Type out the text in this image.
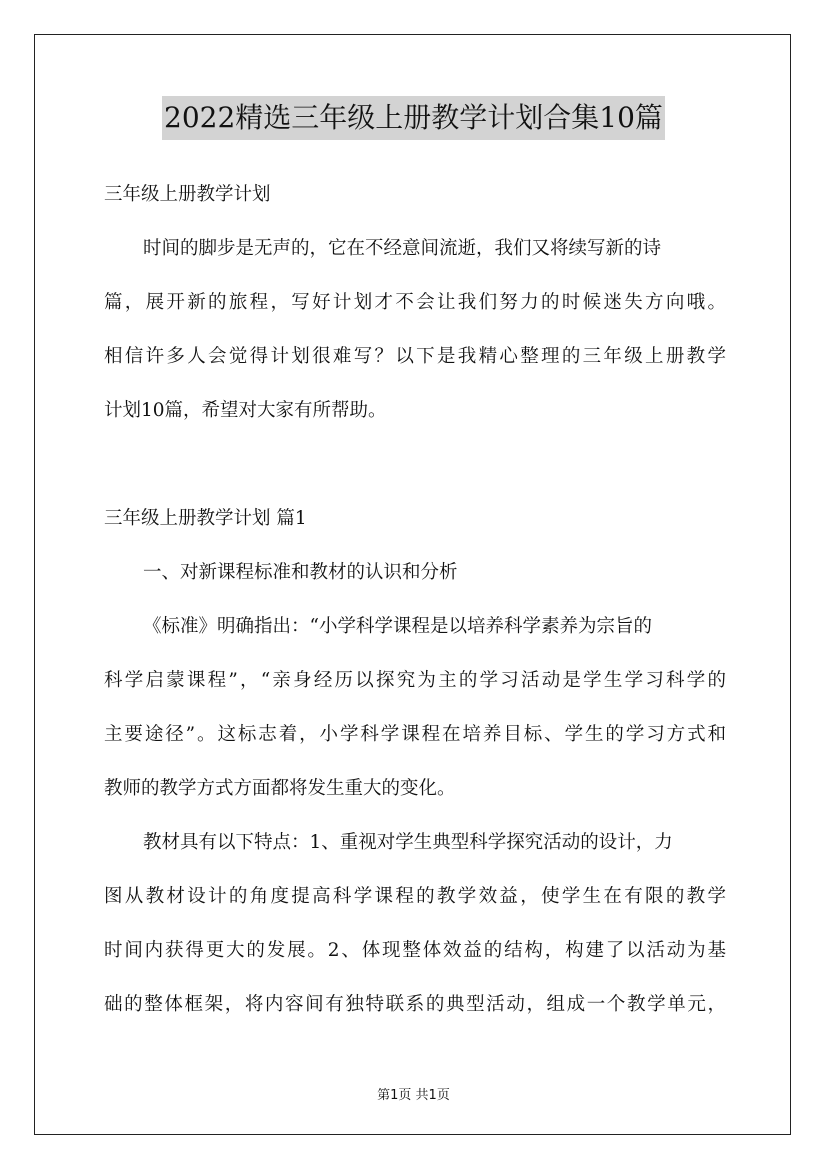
2022精选三年级上册教学计划合集10篇
三年级上册教学计划
时间的脚步是无声的，它在不经意间流逝，我们又将续写新的诗
篇，展开新的旅程，写好计划才不会让我们努力的时候迷失方向哦。
相信许多人会觉得计划很难写？以下是我精心整理的三年级上册教学
计划10篇，希望对大家有所帮助。
三年级上册教学计划 篇1
一、对新课程标准和教材的认识和分析
《标准》明确指出：“小学科学课程是以培养科学素养为宗旨的
科学启蒙课程”，“亲身经历以探究为主的学习活动是学生学习科学的
主要途径”。这标志着，小学科学课程在培养目标、学生的学习方式和
教师的教学方式方面都将发生重大的变化。
教材具有以下特点：1、重视对学生典型科学探究活动的设计，力
图从教材设计的角度提高科学课程的教学效益，使学生在有限的教学
时间内获得更大的发展。2、体现整体效益的结构，构建了以活动为基
础的整体框架，将内容间有独特联系的典型活动，组成一个教学单元，
第1页 共1页
